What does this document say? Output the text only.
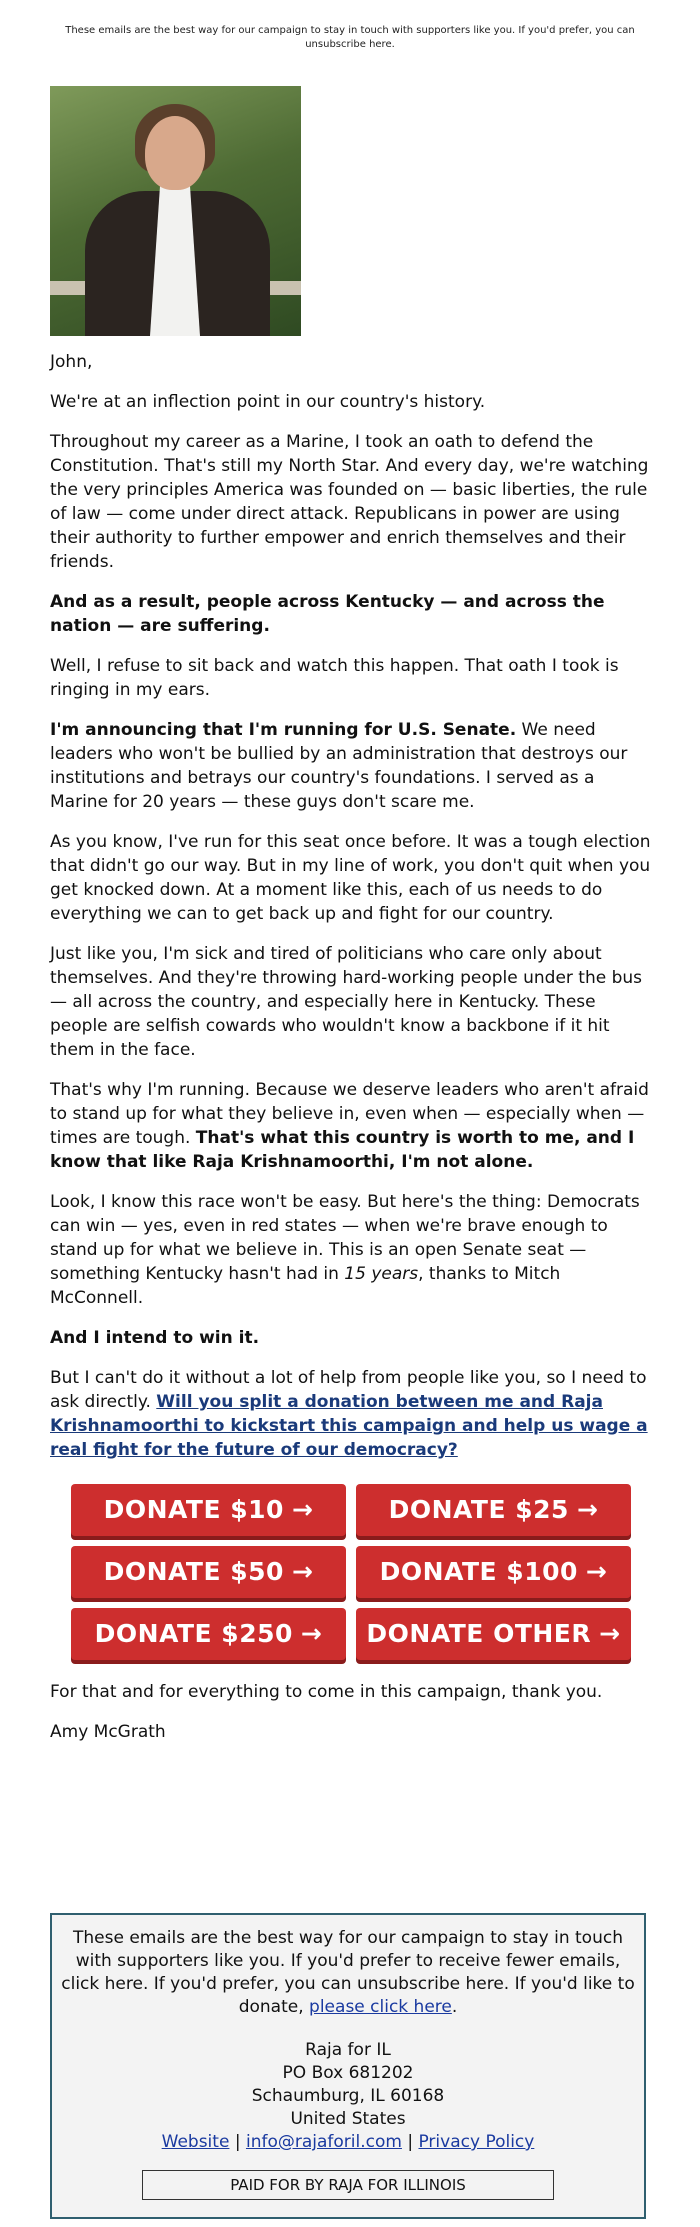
These emails are the best way for our campaign to stay in touch with supporters like you. If you'd prefer, you can unsubscribe here.

John,

We're at an inflection point in our country's history.

Throughout my career as a Marine, I took an oath to defend the Constitution. That's still my North Star. And every day, we're watching the very principles America was founded on — basic liberties, the rule of law — come under direct attack. Republicans in power are using their authority to further empower and enrich themselves and their friends.

And as a result, people across Kentucky — and across the nation — are suffering.

Well, I refuse to sit back and watch this happen. That oath I took is ringing in my ears.

I'm announcing that I'm running for U.S. Senate. We need leaders who won't be bullied by an administration that destroys our institutions and betrays our country's foundations. I served as a Marine for 20 years — these guys don't scare me.

As you know, I've run for this seat once before. It was a tough election that didn't go our way. But in my line of work, you don't quit when you get knocked down. At a moment like this, each of us needs to do everything we can to get back up and fight for our country.

Just like you, I'm sick and tired of politicians who care only about themselves. And they're throwing hard-working people under the bus — all across the country, and especially here in Kentucky. These people are selfish cowards who wouldn't know a backbone if it hit them in the face.

That's why I'm running. Because we deserve leaders who aren't afraid to stand up for what they believe in, even when — especially when — times are tough. That's what this country is worth to me, and I know that like Raja Krishnamoorthi, I'm not alone.

Look, I know this race won't be easy. But here's the thing: Democrats can win — yes, even in red states — when we're brave enough to stand up for what we believe in. This is an open Senate seat — something Kentucky hasn't had in 15 years, thanks to Mitch McConnell.

And I intend to win it.

But I can't do it without a lot of help from people like you, so I need to ask directly. Will you split a donation between me and Raja Krishnamoorthi to kickstart this campaign and help us wage a real fight for the future of our democracy?

DONATE $10 →	DONATE $25 →
DONATE $50 →	DONATE $100 →
DONATE $250 →	DONATE OTHER →

For that and for everything to come in this campaign, thank you.

Amy McGrath

These emails are the best way for our campaign to stay in touch with supporters like you. If you'd prefer to receive fewer emails, click here. If you'd prefer, you can unsubscribe here. If you'd like to donate, please click here.
Raja for IL
PO Box 681202
Schaumburg, IL 60168
United States
Website | info@rajaforil.com | Privacy Policy
PAID FOR BY RAJA FOR ILLINOIS
